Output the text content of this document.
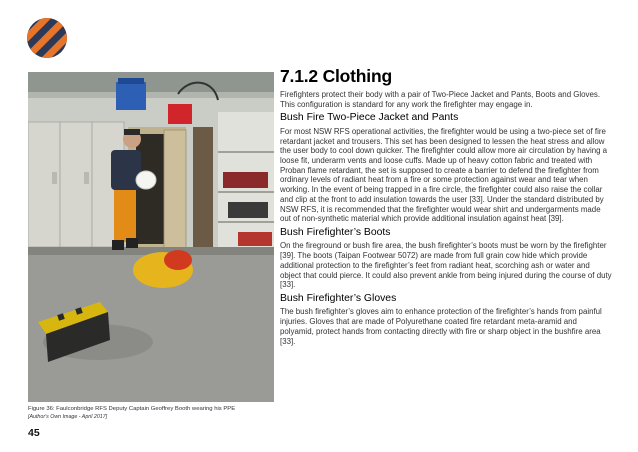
Figure 36: Faulconbridge RFS Deputy Captain Geoffrey Booth wearing his PPE
[Author's Own Image - April 2017]
45
7.1.2 Clothing

Firefighters protect their body with a pair of Two-Piece Jacket and Pants, Boots and Gloves. This configuration is standard for any work the firefighter may engage in.

Bush Fire Two-Piece Jacket and Pants

For most NSW RFS operational activities, the firefighter would be using a two-piece set of fire retardant jacket and trousers. This set has been designed to lessen the heat stress and allow the user body to cool down quicker. The firefighter could allow more air circulation by having a loose fit, underarm vents and loose cuffs. Made up of heavy cotton fabric and treated with Proban flame retardant, the set is supposed to create a barrier to defend the firefighter from ordinary levels of radiant heat from a fire or some protection against wear and tear when working. In the event of being trapped in a fire circle, the firefighter could also raise the collar and clip at the front to add insulation towards the user [33]. Under the standard distributed by NSW RFS, it is recommended that the firefighter would wear shirt and undergarments made out of non-synthetic material which provide additional insulation against heat [39].

Bush Firefighter’s Boots

On the fireground or bush fire area, the bush firefighter’s boots must be worn by the firefighter [39]. The boots (Taipan Footwear 5072) are made from full grain cow hide which provide additional protection to the firefighter’s feet from radiant heat, scorching ash or water and object that could pierce. It could also prevent ankle from being injured during the course of duty [33].

Bush Firefighter’s Gloves

The bush firefighter’s gloves aim to enhance protection of the firefighter’s hands from painful injuries. Gloves that are made of Polyurethane coated fire retardant meta-aramid and polyamid, protect hands from contacting directly with fire or sharp object in the bushfire area [33].
